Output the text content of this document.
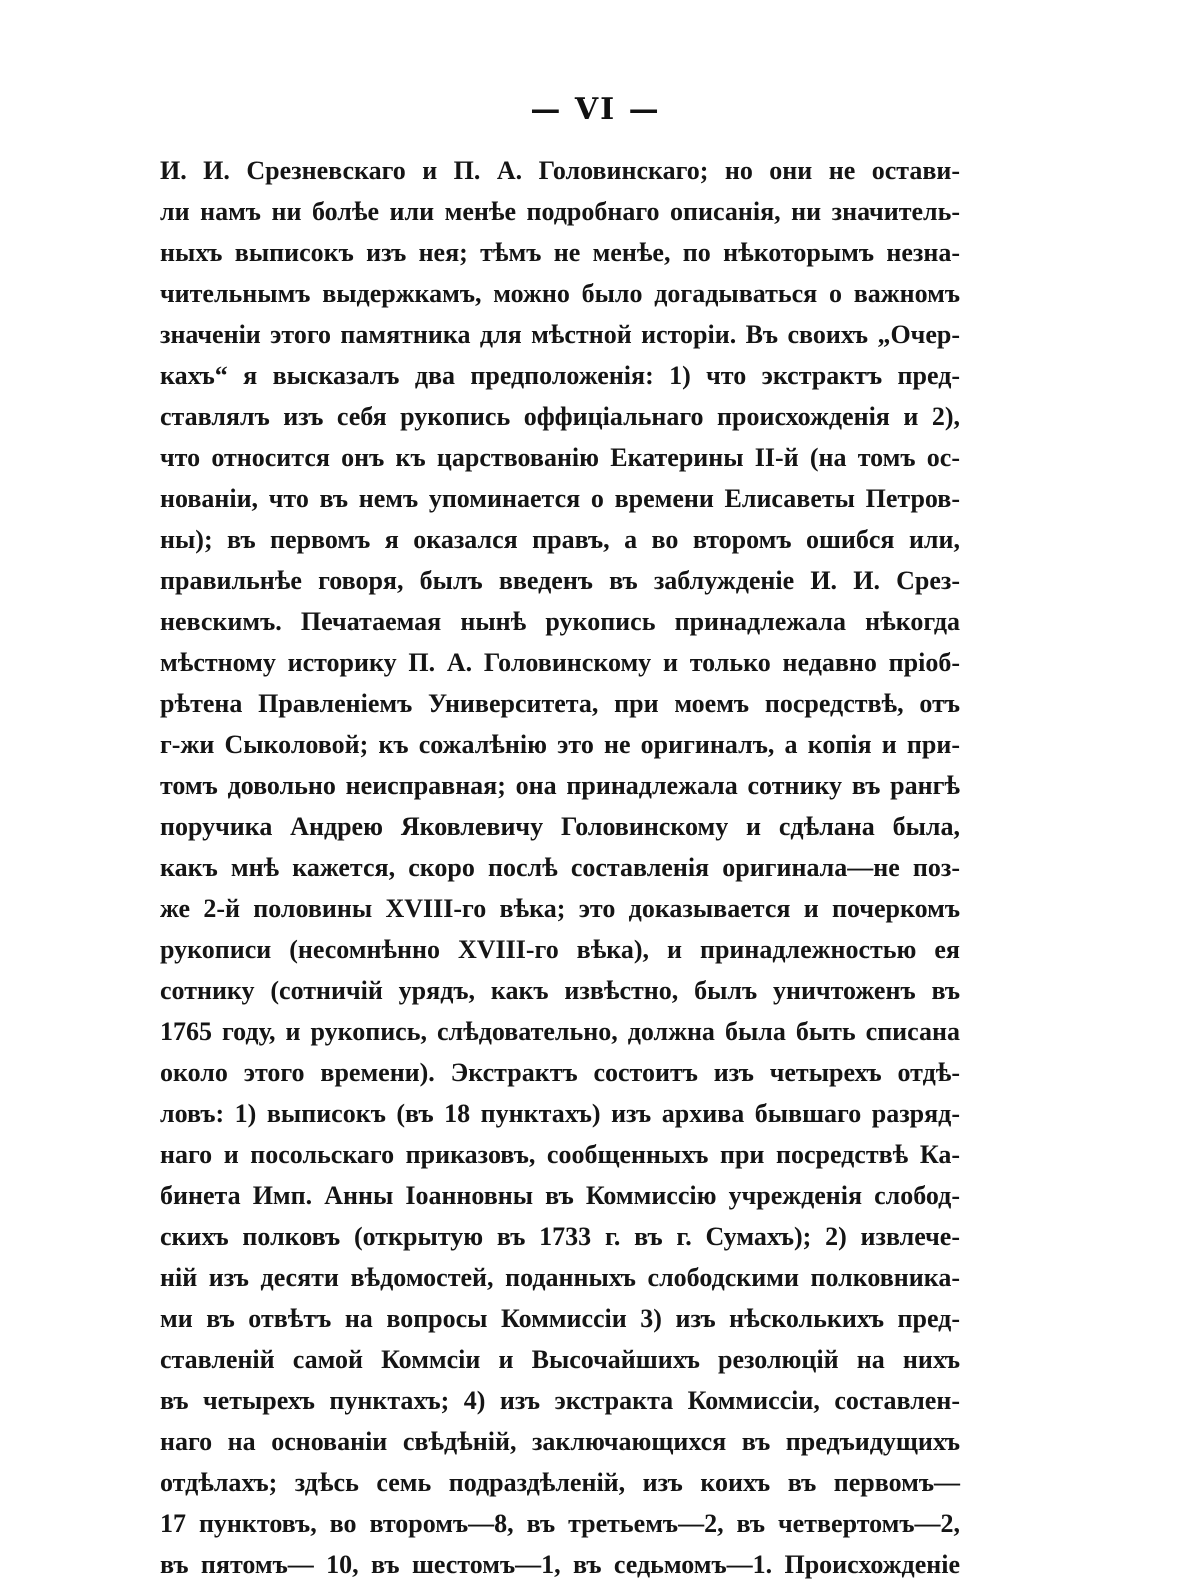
— VI —
И. И. Срезневскаго и П. А. Головинскаго; но они не остави-
ли намъ ни болѣе или менѣе подробнаго описанія, ни значитель-
ныхъ выписокъ изъ нея; тѣмъ не менѣе, по нѣкоторымъ незна-
чительнымъ выдержкамъ, можно было догадываться о важномъ
значеніи этого памятника для мѣстной исторіи. Въ своихъ „Очер-
кахъ“ я высказалъ два предположенія: 1) что экстрактъ пред-
ставлялъ изъ себя рукопись оффиціальнаго происхожденія и 2),
что относится онъ къ царствованію Екатерины ІІ-й (на томъ ос-
нованіи, что въ немъ упоминается о времени Елисаветы Петров-
ны); въ первомъ я оказался правъ, а во второмъ ошибся или,
правильнѣе говоря, былъ введенъ въ заблужденіе И. И. Срез-
невскимъ. Печатаемая нынѣ рукопись принадлежала нѣкогда
мѣстному историку П. А. Головинскому и только недавно пріоб-
рѣтена Правленіемъ Университета, при моемъ посредствѣ, отъ
г-жи Сыколовой; къ сожалѣнію это не оригиналъ, а копія и при-
томъ довольно неисправная; она принадлежала сотнику въ рангѣ
поручика Андрею Яковлевичу Головинскому и сдѣлана была,
какъ мнѣ кажется, скоро послѣ составленія оригинала—не поз-
же 2-й половины XVIII-го вѣка; это доказывается и почеркомъ
рукописи (несомнѣнно XVIII-го вѣка), и принадлежностью ея
сотнику (сотничій урядъ, какъ извѣстно, былъ уничтоженъ въ
1765 году, и рукопись, слѣдовательно, должна была быть списана
около этого времени). Экстрактъ состоитъ изъ четырехъ отдѣ-
ловъ: 1) выписокъ (въ 18 пунктахъ) изъ архива бывшаго разряд-
наго и посольскаго приказовъ, сообщенныхъ при посредствѣ Ка-
бинета Имп. Анны Іоанновны въ Коммиссію учрежденія слобод-
скихъ полковъ (открытую въ 1733 г. въ г. Сумахъ); 2) извлече-
ній изъ десяти вѣдомостей, поданныхъ слободскими полковника-
ми въ отвѣтъ на вопросы Коммиссіи 3) изъ нѣсколькихъ пред-
ставленій самой Коммсіи и Высочайшихъ резолюцій на нихъ
въ четырехъ пунктахъ; 4) изъ экстракта Коммиссіи, составлен-
наго на основаніи свѣдѣній, заключающихся въ предъидущихъ
отдѣлахъ; здѣсь семь подраздѣленій, изъ коихъ въ первомъ—
17 пунктовъ, во второмъ—8, въ третьемъ—2, въ четвертомъ—2,
въ пятомъ— 10, въ шестомъ—1, въ седьмомъ—1. Происхожденіе
